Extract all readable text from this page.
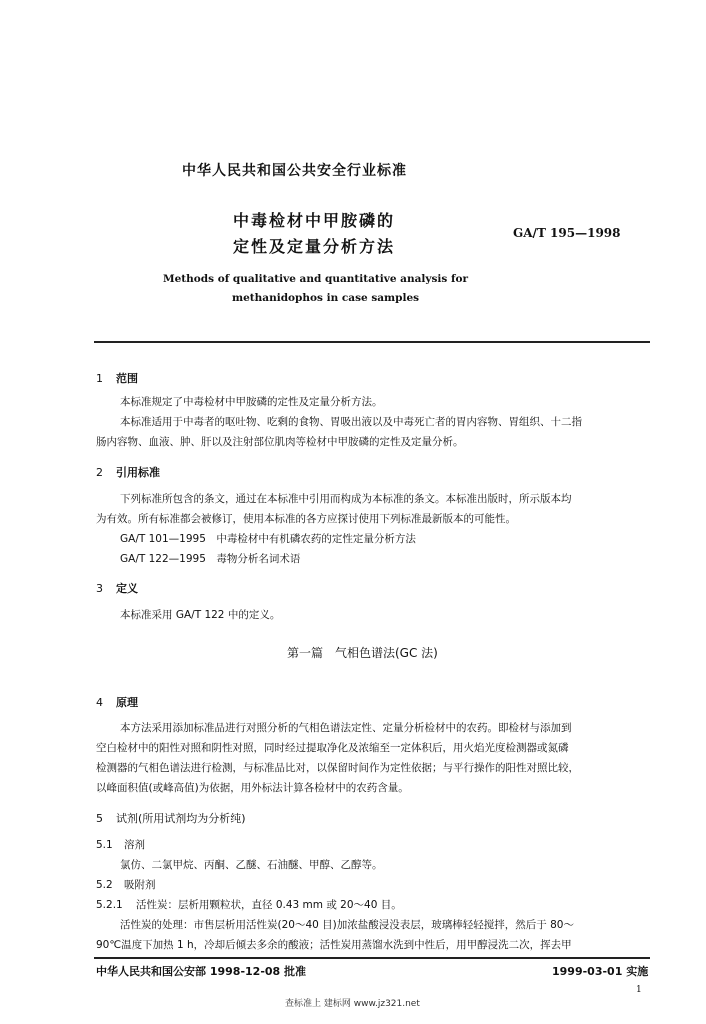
中华人民共和国公共安全行业标准
中毒检材中甲胺磷的
定性及定量分析方法
GA/T 195—1998
Methods of qualitative and quantitative analysis for
methanidophos in case samples
1 范围
本标准规定了中毒检材中甲胺磷的定性及定量分析方法。
本标准适用于中毒者的呕吐物、吃剩的食物、胃吸出液以及中毒死亡者的胃内容物、胃组织、十二指
肠内容物、血液、肿、肝以及注射部位肌肉等检材中甲胺磷的定性及定量分析。
2 引用标准
下列标准所包含的条文，通过在本标准中引用而构成为本标准的条文。本标准出版时，所示版本均
为有效。所有标准都会被修订，使用本标准的各方应探讨使用下列标准最新版本的可能性。
GA/T 101—1995　中毒检材中有机磷农药的定性定量分析方法
GA/T 122—1995　毒物分析名词术语
3 定义
本标准采用 GA/T 122 中的定义。
第一篇　气相色谱法(GC 法)
4 原理
本方法采用添加标准品进行对照分析的气相色谱法定性、定量分析检材中的农药。即检材与添加到
空白检材中的阳性对照和阴性对照，同时经过提取净化及浓缩至一定体积后，用火焰光度检测器或氮磷
检测器的气相色谱法进行检测，与标准品比对，以保留时间作为定性依据；与平行操作的阳性对照比较，
以峰面积值(或峰高值)为依据，用外标法计算各检材中的农药含量。
5 试剂(所用试剂均为分析纯)
5.1 溶剂
氯仿、二氯甲烷、丙酮、乙醚、石油醚、甲醇、乙醇等。
5.2 吸附剂
5.2.1 活性炭：层析用颗粒状，直径 0.43 mm 或 20～40 目。
活性炭的处理：市售层析用活性炭(20～40 目)加浓盐酸浸没表层，玻璃棒轻轻搅拌，然后于 80～
90℃温度下加热 1 h，冷却后倾去多余的酸液；活性炭用蒸馏水洗到中性后，用甲醇浸洗二次，挥去甲
中华人民共和国公安部 1998-12-08 批准	1999-03-01 实施
1
查标准上 建标网 www.jz321.net
